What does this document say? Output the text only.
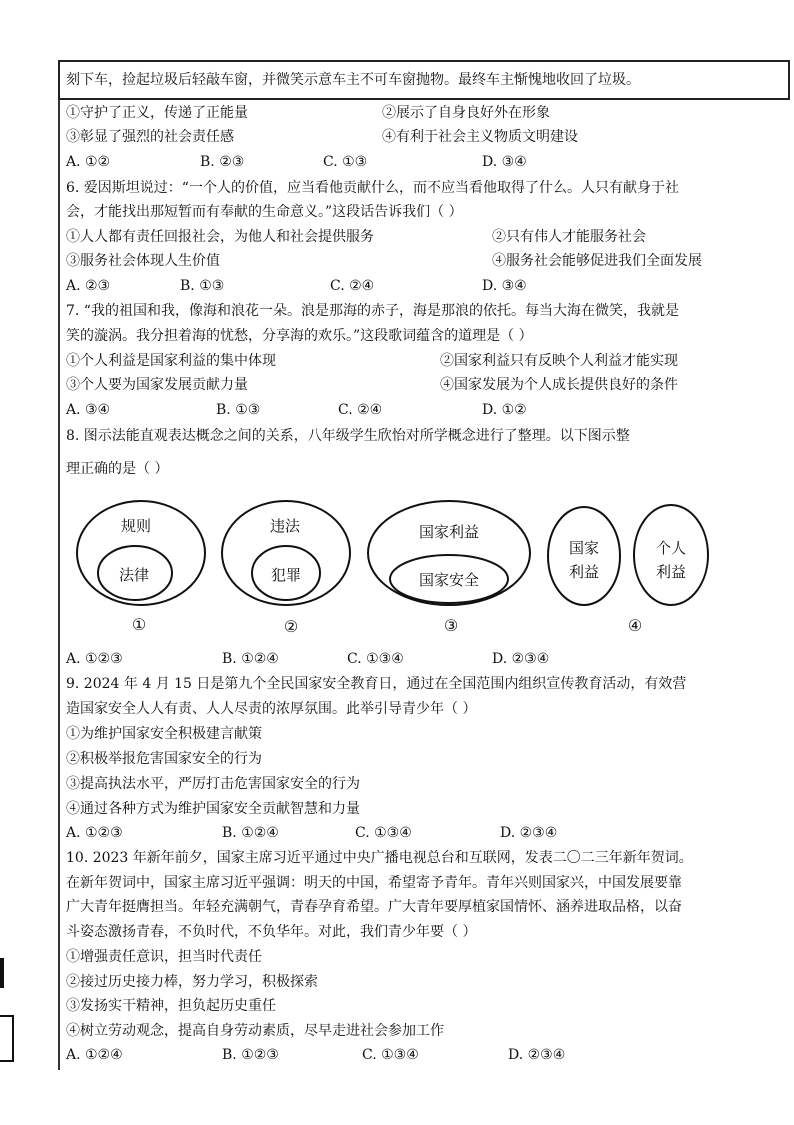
刻下车，捡起垃圾后轻敲车窗，并微笑示意车主不可车窗抛物。最终车主惭愧地收回了垃圾。
①守护了正义，传递了正能量	②展示了自身良好外在形象
③彰显了强烈的社会责任感	④有利于社会主义物质文明建设
A. ①②	B. ②③	C. ①③	D. ③④
6. 爱因斯坦说过：“一个人的价值，应当看他贡献什么，而不应当看他取得了什么。人只有献身于社
会，才能找出那短暂而有奉献的生命意义。”这段话告诉我们（ ）
①人人都有责任回报社会，为他人和社会提供服务	②只有伟人才能服务社会
③服务社会体现人生价值	④服务社会能够促进我们全面发展
A. ②③	B. ①③	C. ②④	D. ③④
7. “我的祖国和我，像海和浪花一朵。浪是那海的赤子，海是那浪的依托。每当大海在微笑，我就是
笑的漩涡。我分担着海的忧愁，分享海的欢乐。”这段歌词蕴含的道理是（ ）
①个人利益是国家利益的集中体现	②国家利益只有反映个人利益才能实现
③个人要为国家发展贡献力量	④国家发展为个人成长提供良好的条件
A. ③④	B. ①③	C. ②④	D. ①②
8. 图示法能直观表达概念之间的关系，八年级学生欣怡对所学概念进行了整理。以下图示整
理正确的是（ ）
规则
法律
①
违法
犯罪
②
国家利益
国家安全
③
国家
利益
个人
利益
④
A. ①②③	B. ①②④	C. ①③④	D. ②③④
9. 2024 年 4 月 15 日是第九个全民国家安全教育日，通过在全国范围内组织宣传教育活动，有效营
造国家安全人人有责、人人尽责的浓厚氛围。此举引导青少年（ ）
①为维护国家安全积极建言献策
②积极举报危害国家安全的行为
③提高执法水平，严厉打击危害国家安全的行为
④通过各种方式为维护国家安全贡献智慧和力量
A. ①②③	B. ①②④	C. ①③④	D. ②③④
10. 2023 年新年前夕，国家主席习近平通过中央广播电视总台和互联网，发表二〇二三年新年贺词。
在新年贺词中，国家主席习近平强调：明天的中国，希望寄予青年。青年兴则国家兴，中国发展要靠
广大青年挺膺担当。年轻充满朝气，青春孕育希望。广大青年要厚植家国情怀、涵养进取品格，以奋
斗姿态激扬青春，不负时代，不负华年。对此，我们青少年要（ ）
①增强责任意识，担当时代责任
②接过历史接力棒，努力学习，积极探索
③发扬实干精神，担负起历史重任
④树立劳动观念，提高自身劳动素质，尽早走进社会参加工作
A. ①②④	B. ①②③	C. ①③④	D. ②③④
